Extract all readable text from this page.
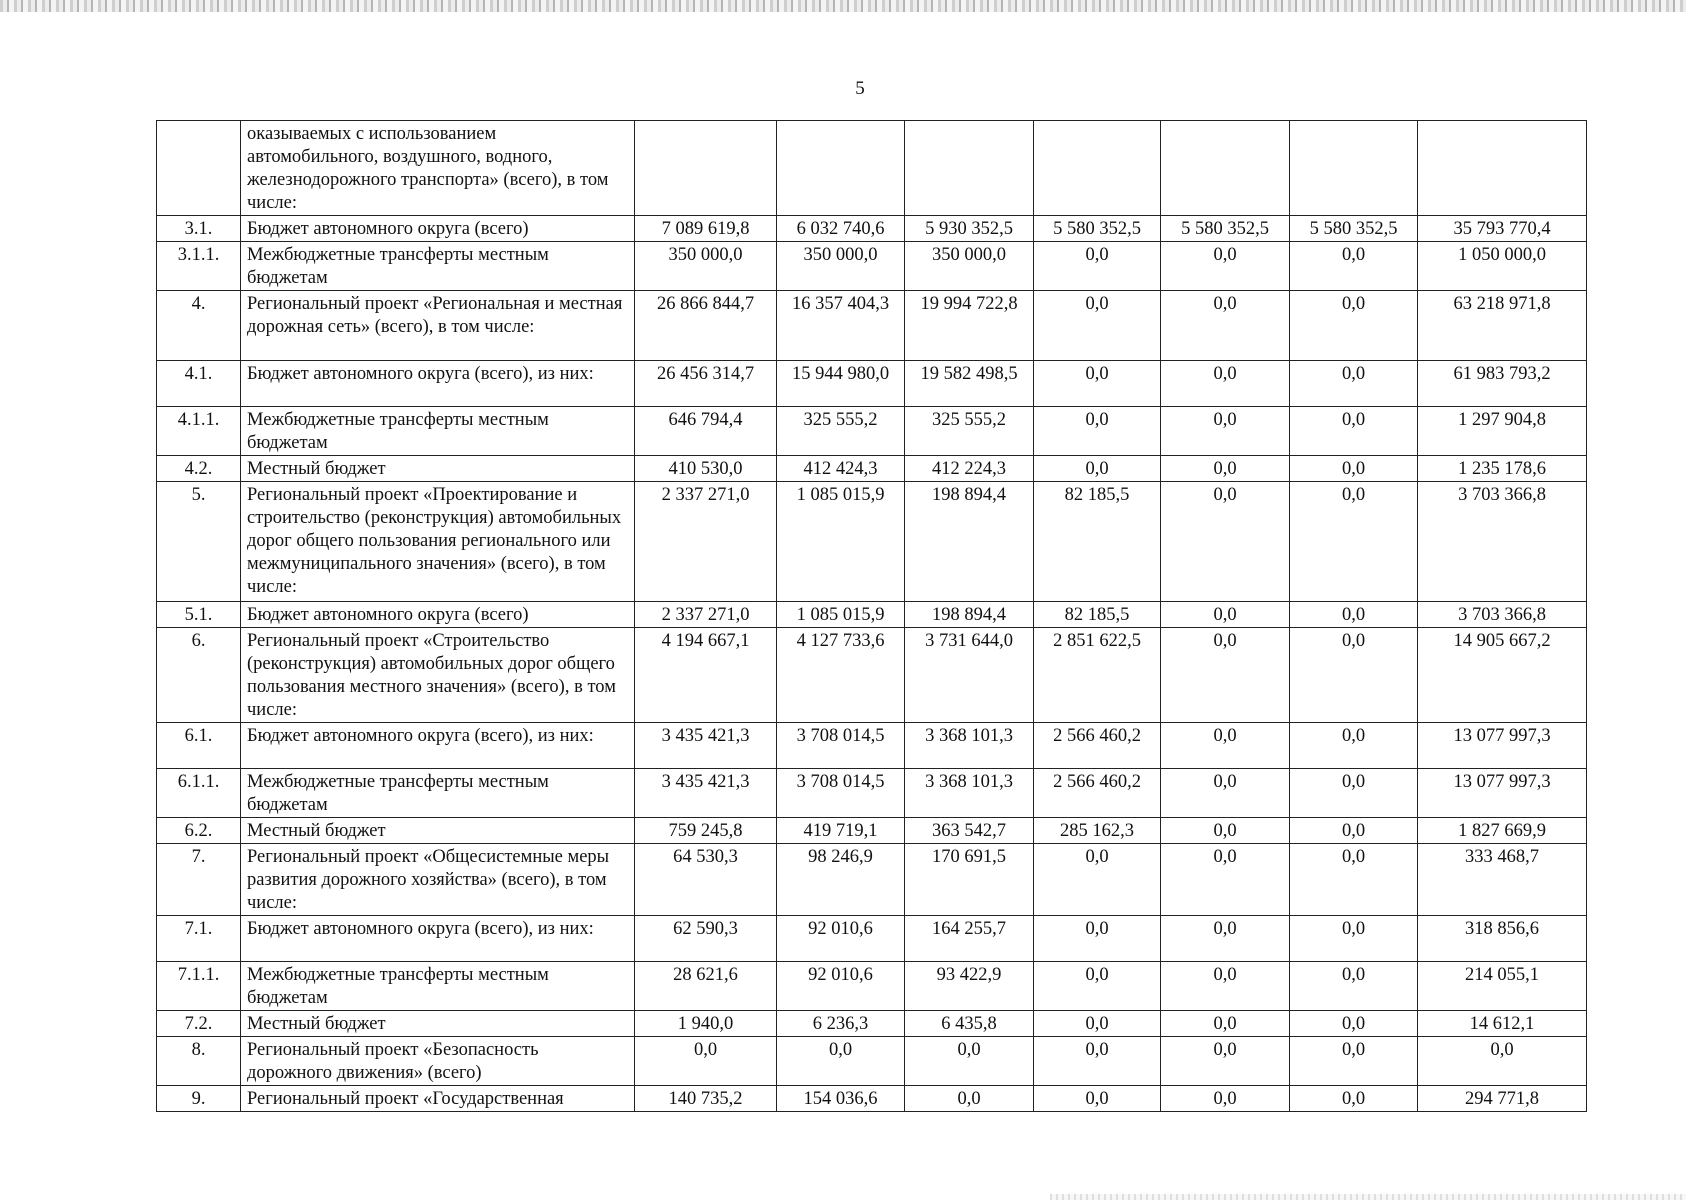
5
	оказываемых с использованием автомобильного, воздушного, водного, железнодорожного транспорта» (всего), в том числе:							
3.1.	Бюджет автономного округа (всего)	7 089 619,8	6 032 740,6	5 930 352,5	5 580 352,5	5 580 352,5	5 580 352,5	35 793 770,4
3.1.1.	Межбюджетные трансферты местным бюджетам	350 000,0	350 000,0	350 000,0	0,0	0,0	0,0	1 050 000,0
4.	Региональный проект «Региональная и местная дорожная сеть» (всего), в том числе:	26 866 844,7	16 357 404,3	19 994 722,8	0,0	0,0	0,0	63 218 971,8
4.1.	Бюджет автономного округа (всего), из них:	26 456 314,7	15 944 980,0	19 582 498,5	0,0	0,0	0,0	61 983 793,2
4.1.1.	Межбюджетные трансферты местным бюджетам	646 794,4	325 555,2	325 555,2	0,0	0,0	0,0	1 297 904,8
4.2.	Местный бюджет	410 530,0	412 424,3	412 224,3	0,0	0,0	0,0	1 235 178,6
5.	Региональный проект «Проектирование и строительство (реконструкция) автомобильных дорог общего пользования регионального или межмуниципального значения» (всего), в том числе:	2 337 271,0	1 085 015,9	198 894,4	82 185,5	0,0	0,0	3 703 366,8
5.1.	Бюджет автономного округа (всего)	2 337 271,0	1 085 015,9	198 894,4	82 185,5	0,0	0,0	3 703 366,8
6.	Региональный проект «Строительство (реконструкция) автомобильных дорог общего пользования местного значения» (всего), в том числе:	4 194 667,1	4 127 733,6	3 731 644,0	2 851 622,5	0,0	0,0	14 905 667,2
6.1.	Бюджет автономного округа (всего), из них:	3 435 421,3	3 708 014,5	3 368 101,3	2 566 460,2	0,0	0,0	13 077 997,3
6.1.1.	Межбюджетные трансферты местным бюджетам	3 435 421,3	3 708 014,5	3 368 101,3	2 566 460,2	0,0	0,0	13 077 997,3
6.2.	Местный бюджет	759 245,8	419 719,1	363 542,7	285 162,3	0,0	0,0	1 827 669,9
7.	Региональный проект «Общесистемные меры развития дорожного хозяйства» (всего), в том числе:	64 530,3	98 246,9	170 691,5	0,0	0,0	0,0	333 468,7
7.1.	Бюджет автономного округа (всего), из них:	62 590,3	92 010,6	164 255,7	0,0	0,0	0,0	318 856,6
7.1.1.	Межбюджетные трансферты местным бюджетам	28 621,6	92 010,6	93 422,9	0,0	0,0	0,0	214 055,1
7.2.	Местный бюджет	1 940,0	6 236,3	6 435,8	0,0	0,0	0,0	14 612,1
8.	Региональный проект «Безопасность дорожного движения» (всего)	0,0	0,0	0,0	0,0	0,0	0,0	0,0
9.	Региональный проект «Государственная	140 735,2	154 036,6	0,0	0,0	0,0	0,0	294 771,8
